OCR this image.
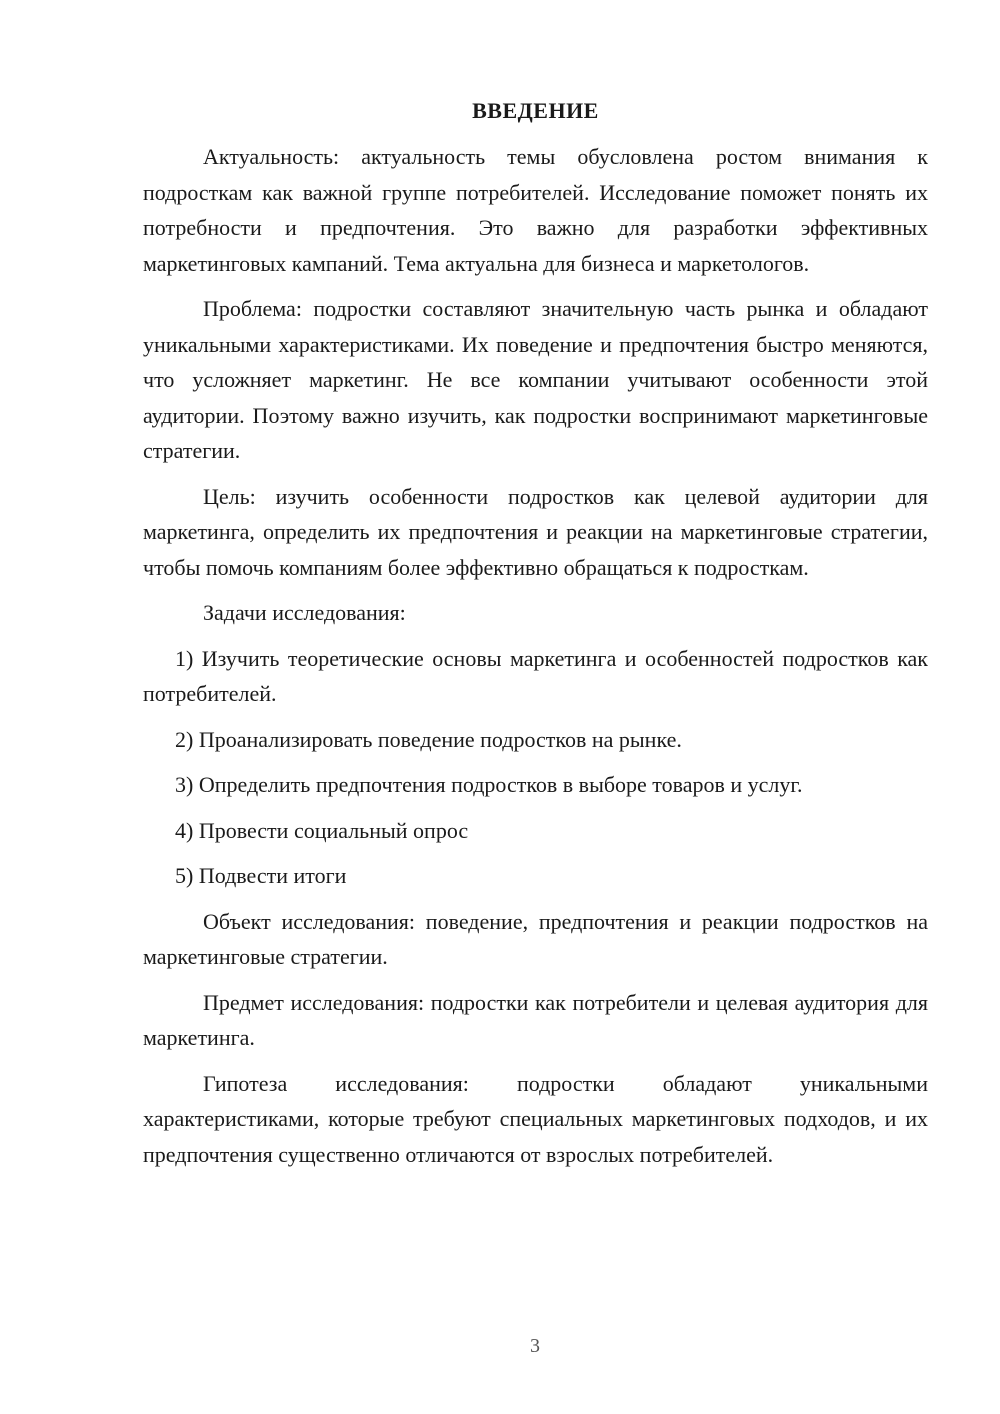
ВВЕДЕНИЕ

Актуальность: актуальность темы обусловлена ростом внимания к подросткам как важной группе потребителей. Исследование поможет понять их потребности и предпочтения. Это важно для разработки эффективных маркетинговых кампаний. Тема актуальна для бизнеса и маркетологов.

Проблема: подростки составляют значительную часть рынка и обладают уникальными характеристиками. Их поведение и предпочтения быстро меняются, что усложняет маркетинг. Не все компании учитывают особенности этой аудитории. Поэтому важно изучить, как подростки воспринимают маркетинговые стратегии.

Цель: изучить особенности подростков как целевой аудитории для маркетинга, определить их предпочтения и реакции на маркетинговые стратегии, чтобы помочь компаниям более эффективно обращаться к подросткам.

Задачи исследования:

1) Изучить теоретические основы маркетинга и особенностей подростков как потребителей.

2) Проанализировать поведение подростков на рынке.

3) Определить предпочтения подростков в выборе товаров и услуг.

4) Провести социальный опрос

5) Подвести итоги

Объект исследования: поведение, предпочтения и реакции подростков на маркетинговые стратегии.

Предмет исследования: подростки как потребители и целевая аудитория для маркетинга.

Гипотеза исследования: подростки обладают уникальными характеристиками, которые требуют специальных маркетинговых подходов, и их предпочтения существенно отличаются от взрослых потребителей.

3
